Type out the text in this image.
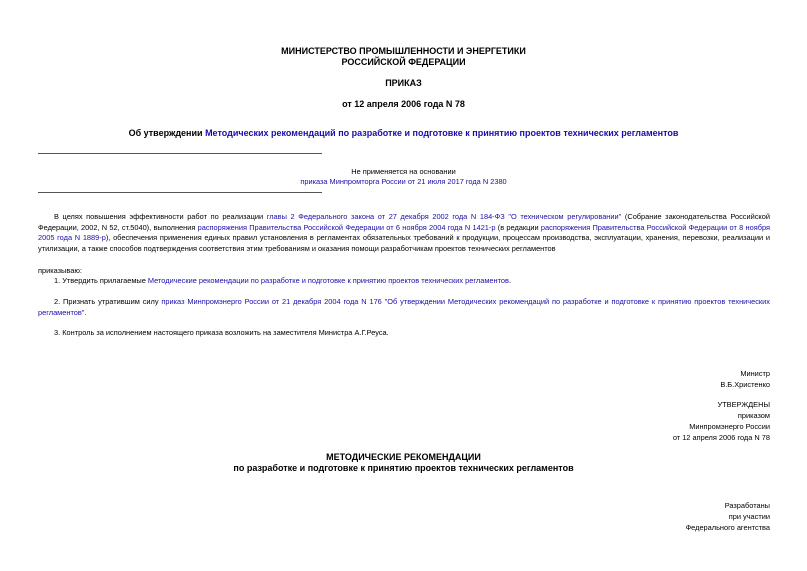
МИНИСТЕРСТВО ПРОМЫШЛЕННОСТИ И ЭНЕРГЕТИКИ
РОССИЙСКОЙ ФЕДЕРАЦИИ
ПРИКАЗ
от 12 апреля 2006 года N 78
Об утверждении Методических рекомендаций по разработке и подготовке к принятию проектов технических регламентов
Не применяется на основании
приказа Минпромторга России от 21 июля 2017 года N 2380
В целях повышения эффективности работ по реализации главы 2 Федерального закона от 27 декабря 2002 года N 184-ФЗ "О техническом регулировании" (Собрание законодательства Российской Федерации, 2002, N 52, ст.5040), выполнения распоряжения Правительства Российской Федерации от 6 ноября 2004 года N 1421-р (в редакции распоряжения Правительства Российской Федерации от 8 ноября 2005 года N 1889-р), обеспечения применения единых правил установления в регламентах обязательных требований к продукции, процессам производства, эксплуатации, хранения, перевозки, реализации и утилизации, а также способов подтверждения соответствия этим требованиям и оказания помощи разработчикам проектов технических регламентов
приказываю:
1. Утвердить прилагаемые Методические рекомендации по разработке и подготовке к принятию проектов технических регламентов.
2. Признать утратившим силу приказ Минпромэнерго России от 21 декабря 2004 года N 176 "Об утверждении Методических рекомендаций по разработке и подготовке к принятию проектов технических регламентов".
3. Контроль за исполнением настоящего приказа возложить на заместителя Министра А.Г.Реуса.
Министр
В.Б.Христенко
УТВЕРЖДЕНЫ
приказом
Минпромэнерго России
от 12 апреля 2006 года N 78
МЕТОДИЧЕСКИЕ РЕКОМЕНДАЦИИ
по разработке и подготовке к принятию проектов технических регламентов
Разработаны
при участии
Федерального агентства
